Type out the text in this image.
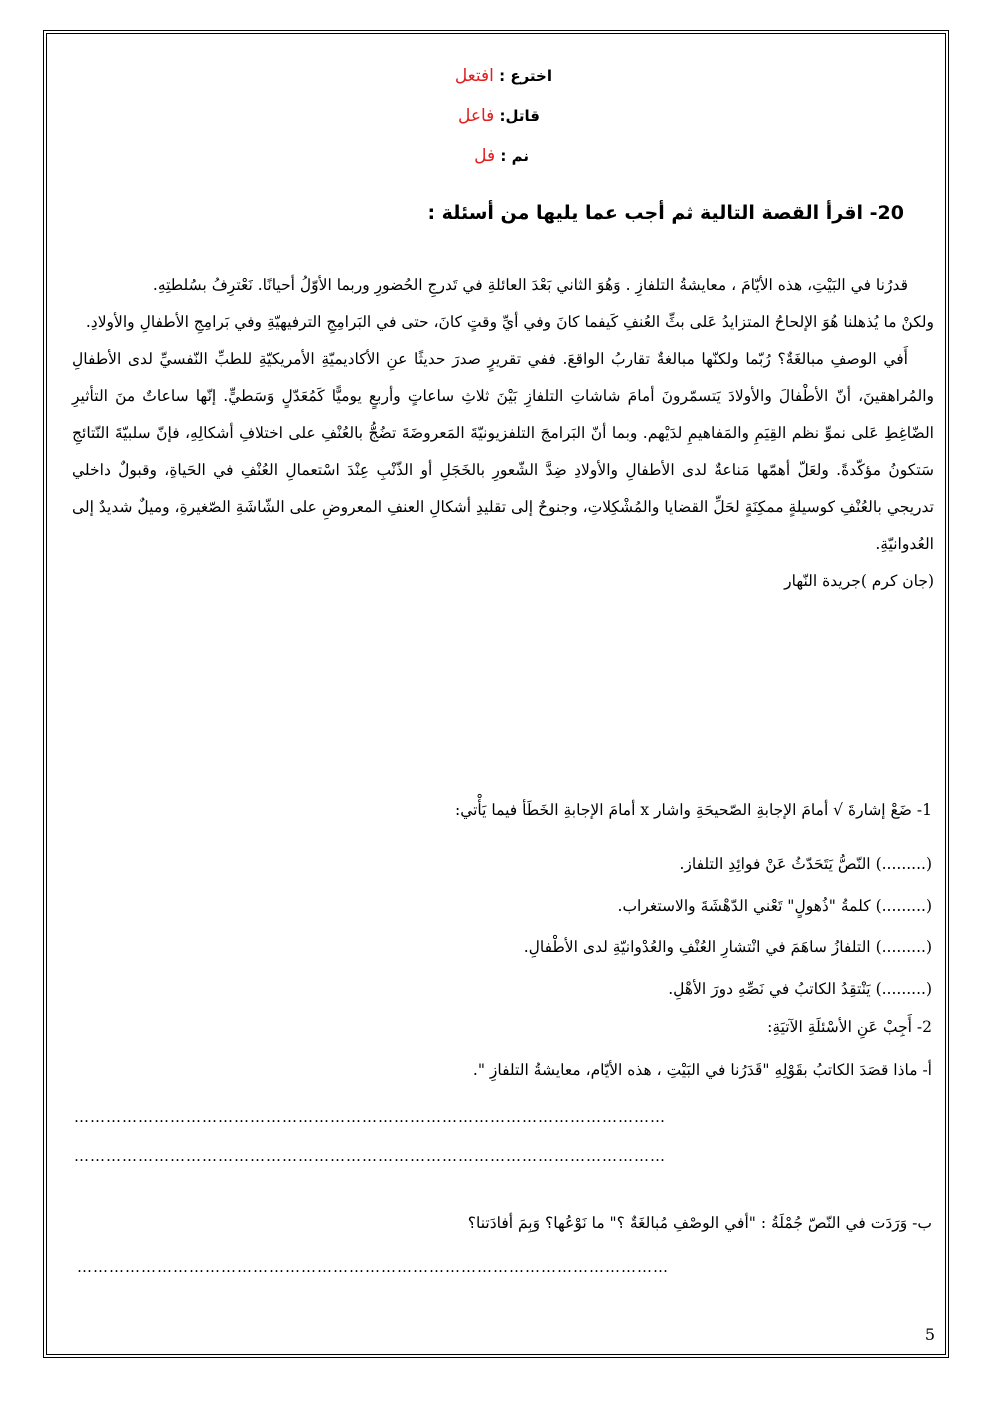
اخترع : افتعل
قاتل: فاعل
نم : فل
20- اقرأ القصة التالية ثم أجب عما يليها من أسئلة :

قدرُنا في البَيْتِ، هذه الأيّامَ ، معايشةُ التلفازِ . وَهُوَ الثاني بَعْدَ العائلةِ في تَدرجِ الحُضورِ وربما الأوّلُ أحيانًا. نَعْترِفُ بسُلطتِهِ.

ولكنْ ما يُذهلنا هُوَ الإلحاحُ المتزايدُ عَلى بثِّ العُنفِ كَيفما كانَ وفي أيِّ وقتٍ كانَ، حتى في البَرامِجِ الترفيهيّةِ وفي بَرامِجِ الأطفالِ والأولادِ.

أَفي الوصفِ مبالغَةٌ؟ رُبّما ولكنّها مبالغةٌ تقاربُ الواقعَ. ففي تقريرٍ صدرَ حديثًا عنِ الأكاديميّةِ الأمريكيّةِ للطبِّ النّفسيِّ لدى الأطفالِ والمُراهقينَ، أنّ الأطْفالَ والأولادَ يَتسمّرونَ أمامَ شاشاتِ التلفازِ بَيْنَ ثلاثِ ساعاتٍ وأربعٍ يوميًّا كَمُعَدّلٍ وَسَطيٍّ. إنّها ساعاتٌ منَ التأثيرِ الضّاغِطِ عَلى نموِّ نظم القِيَمِ والمَفاهيمِ لدَيْهم. وبما أنّ البَرامجَ التلفزيونيّةَ المَعروضَةَ تضُجُّ بالعُنْفِ على اختلافِ أشكالِهِ، فإنّ سلبيّةَ النّتائجِ سَتكونُ مؤكّدةً. ولعَلّ أهمّها مَناعةٌ لدى الأطفالِ والأولادِ ضِدَّ الشّعورِ بالخَجَلِ أو الذّنْبِ عِنْدَ اسْتعمالِ العُنْفِ في الحَياةِ، وقبولٌ داخلي تدريجي بالعُنْفِ كوسيلةٍ ممكِنَةٍ لحَلِّ القضايا والمُشْكِلاتِ، وجنوحٌ إلى تقليدِ أشكالِ العنفِ المعروضِ على الشّاشَةِ الصّغيرةِ، وميلٌ شديدٌ إلى العُدوانيّةِ.

(جان كرم )جريدة النّهار

1- ضَعْ إشارةَ √ أمامَ الإجابةِ الصّحيحَةِ واشار x أمامَ الإجابةِ الخَطَأ فيما يَأْتي:
(.........) النّصُّ يَتَحَدّثُ عَنْ فوائِدِ التلفاز.
(.........) كلمةُ "ذُهولٍ" تَعْني الدّهْشَةَ والاستغراب.
(.........) التلفازُ ساهَمَ في انْتشارِ العُنْفِ والعُدْوانيّةِ لدى الأطْفالِ.
(.........) يَنْتقِدُ الكاتبُ في نَصِّهِ دورَ الأهْلِ.
2- أَجِبْ عَنِ الأسْئلَةِ الآتيَةِ:
أ- ماذا قصَدَ الكاتبُ بقَوْلِهِ "قَدَرُنا في البَيْتِ ، هذه الأيّام، معايشةُ التلفازِ ".
…………………………………………………………………………………………………
…………………………………………………………………………………………………
ب- وَرَدَت في النّصّ جُمْلَةُ : "أفي الوصْفِ مُبالغَةٌ ؟" ما نَوْعُها؟ وَبِمَ أفادَتنا؟
…………………………………………………………………………………………………
5
